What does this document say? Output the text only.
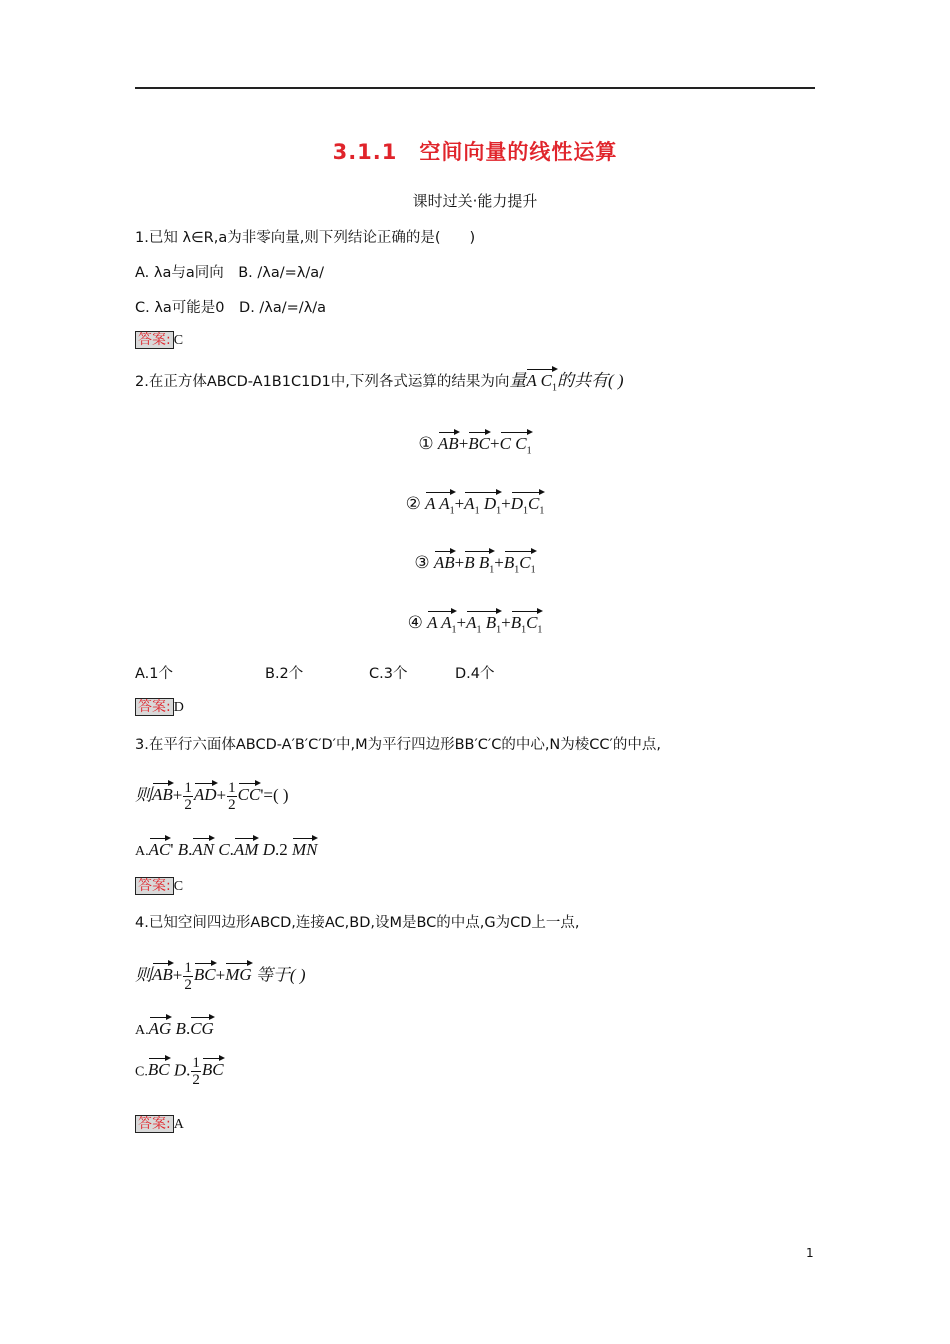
3.1.1　空间向量的线性运算
课时过关·能力提升
1.已知 λ∈R,a为非零向量,则下列结论正确的是(　　)
A. λa与a同向　B. /λa/=λ/a/
C. λa可能是0　D. /λa/=/λ/a
答案: C
2.在正方体ABCD-A1B1C1D1中,下列各式运算的结果为向量A $C_1$的共有( )
① AB+BC+C $C_1$
② A $A_1+A_1$ $D_1+D_1C_1$
③ AB+B $B_1+B_1C_1$
④ A $A_1+A_1$ $B_1+B_1C_1$
A.1个	B.2个	C.3个	D.4个
答案: D
3.在平行六面体ABCD-A′B′C′D′中,M为平行四边形BB′C′C的中心,N为棱CC′的中点,
则$AB+ \frac{1}{2} AD+ \frac{1}{2} CC'=$( )
A.AC' B.AN C.AM D.2 MN
答案: C
4.已知空间四边形ABCD,连接AC,BD,设M是BC的中点,G为CD上一点,
则$AB+ \frac{1}{2} BC+MG$ 等于( )
A.AG B.CG
C.BC D. $\frac{1}{2}$ BC
答案: A
1
